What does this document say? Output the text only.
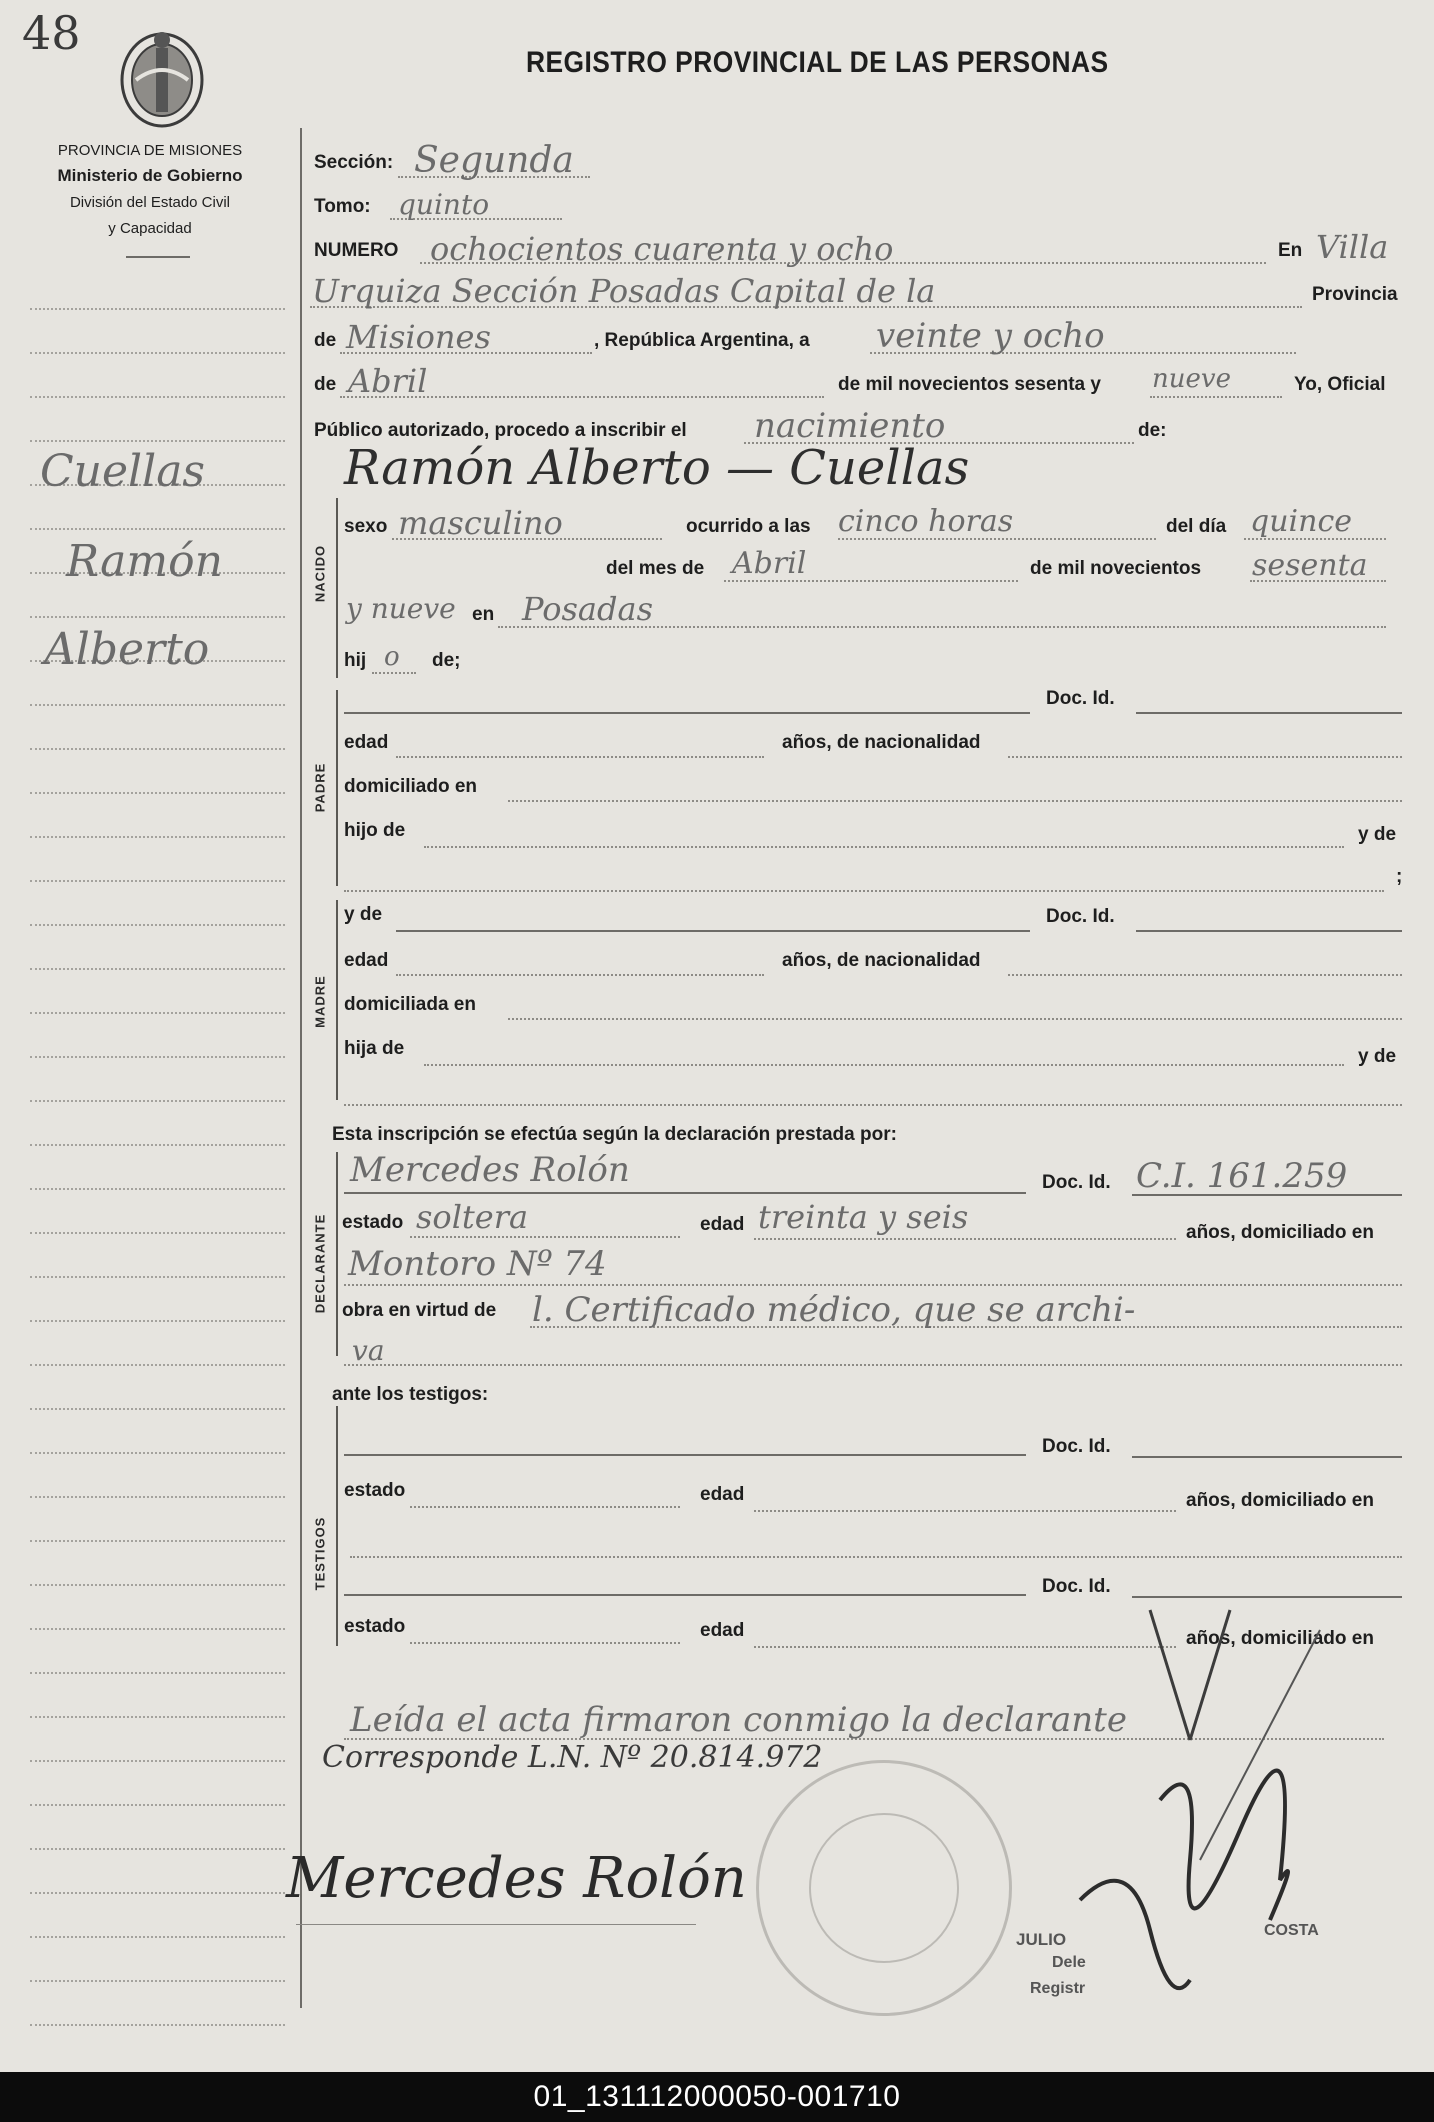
48
PROVINCIA DE MISIONES
Ministerio de Gobierno
División del Estado Civil
y Capacidad
REGISTRO PROVINCIAL DE LAS PERSONAS
Cuellas
Ramón
Alberto
Sección: Segunda
Tomo: quinto
NUMERO ochocientos cuarenta y ocho	En Villa
Urquiza Sección Posadas Capital de la	Provincia
de Misiones	, República Argentina, a veinte y ocho
de Abril	de mil novecientos sesenta y nueve	Yo, Oficial
Público autorizado, procedo a inscribir el nacimiento	de:
Ramón Alberto — Cuellas
NACIDO
PADRE
MADRE
DECLARANTE
TESTIGOS
sexo masculino	ocurrido a las cinco horas	del día quince
del mes de Abril	de mil novecientos sesenta
y nueve en Posadas
hij o de;
Doc. Id.
edad	años, de nacionalidad
domiciliado en
hijo de	y de
;
y de	Doc. Id.
edad	años, de nacionalidad
domiciliada en
hija de	y de
Esta inscripción se efectúa según la declaración prestada por:
Mercedes Rolón	Doc. Id. C.I. 161.259
estado soltera	edad treinta y seis	años, domiciliado en
Montoro Nº 74
obra en virtud de l. Certificado médico, que se archi-
va
ante los testigos:
Doc. Id.
estado	edad	años, domiciliado en
Doc. Id.
estado	edad	años, domiciliado en
Leída el acta firmaron conmigo la declarante
Corresponde L.N. Nº 20.814.972
Mercedes Rolón
JULIO	COSTA
Dele
Registr
01_131112000050-001710
